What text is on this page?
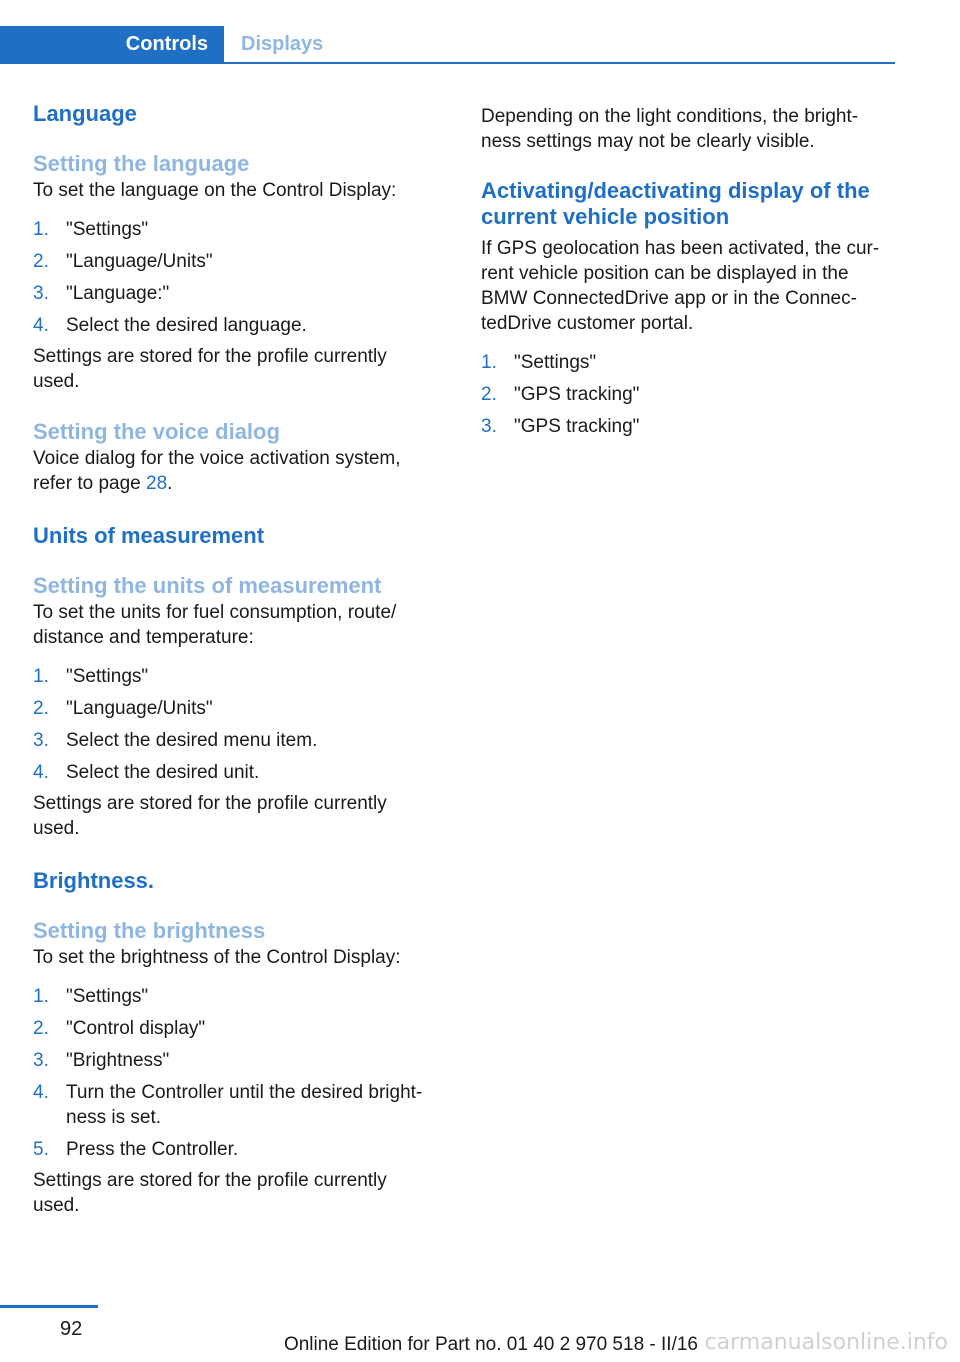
Controls	Displays
Language
Setting the language

To set the language on the Control Display:

1. "Settings"
2. "Language/Units"
3. "Language:"
4. Select the desired language.

Settings are stored for the profile currently used.

Setting the voice dialog

Voice dialog for the voice activation system, refer to page 28.

Units of measurement
Setting the units of measurement

To set the units for fuel consumption, route/ distance and temperature:

1. "Settings"
2. "Language/Units"
3. Select the desired menu item.
4. Select the desired unit.

Settings are stored for the profile currently used.

Brightness.
Setting the brightness

To set the brightness of the Control Display:

1. "Settings"
2. "Control display"
3. "Brightness"
4. Turn the Controller until the desired bright‐ ness is set.
5. Press the Controller.

Settings are stored for the profile currently used.

Depending on the light conditions, the bright‐ ness settings may not be clearly visible.

Activating/deactivating display of the current vehicle position

If GPS geolocation has been activated, the cur‐ rent vehicle position can be displayed in the BMW ConnectedDrive app or in the Connec‐ tedDrive customer portal.

1. "Settings"
2. "GPS tracking"
3. "GPS tracking"
92
Online Edition for Part no. 01 40 2 970 518 - II/16 carmanualsonline.info
